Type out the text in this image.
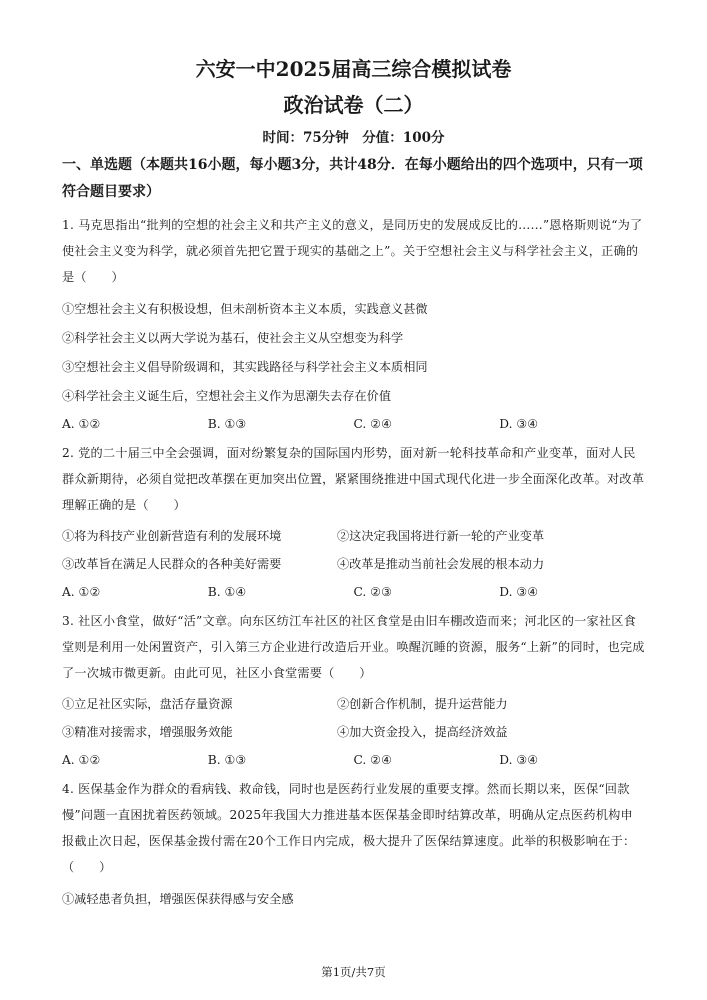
六安一中2025届高三综合模拟试卷
政治试卷（二）
时间：75分钟　分值：100分
一、单选题（本题共16小题，每小题3分，共计48分．在每小题给出的四个选项中，只有一项符合题目要求）
1. 马克思指出“批判的空想的社会主义和共产主义的意义，是同历史的发展成反比的……”恩格斯则说“为了使社会主义变为科学，就必须首先把它置于现实的基础之上”。关于空想社会主义与科学社会主义，正确的是（　　）
①空想社会主义有积极设想，但未剖析资本主义本质，实践意义甚微
②科学社会主义以两大学说为基石，使社会主义从空想变为科学
③空想社会主义倡导阶级调和，其实践路径与科学社会主义本质相同
④科学社会主义诞生后，空想社会主义作为思潮失去存在价值
A. ①②	B. ①③	C. ②④	D. ③④
2. 党的二十届三中全会强调，面对纷繁复杂的国际国内形势，面对新一轮科技革命和产业变革，面对人民群众新期待，必须自觉把改革摆在更加突出位置，紧紧围绕推进中国式现代化进一步全面深化改革。对改革理解正确的是（　　）
①将为科技产业创新营造有利的发展环境	②这决定我国将进行新一轮的产业变革
③改革旨在满足人民群众的各种美好需要	④改革是推动当前社会发展的根本动力
A. ①②	B. ①④	C. ②③	D. ③④
3. 社区小食堂，做好“活”文章。向东区纺江车社区的社区食堂是由旧车棚改造而来；河北区的一家社区食堂则是利用一处闲置资产，引入第三方企业进行改造后开业。唤醒沉睡的资源，服务“上新”的同时，也完成了一次城市微更新。由此可见，社区小食堂需要（　　）
①立足社区实际，盘活存量资源	②创新合作机制，提升运营能力
③精准对接需求，增强服务效能	④加大资金投入，提高经济效益
A. ①②	B. ①③	C. ②④	D. ③④
4. 医保基金作为群众的看病钱、救命钱，同时也是医药行业发展的重要支撑。然而长期以来，医保“回款慢”问题一直困扰着医药领域。2025年我国大力推进基本医保基金即时结算改革，明确从定点医药机构申报截止次日起，医保基金拨付需在20个工作日内完成，极大提升了医保结算速度。此举的积极影响在于：（　　）
①减轻患者负担，增强医保获得感与安全感
第1页/共7页
